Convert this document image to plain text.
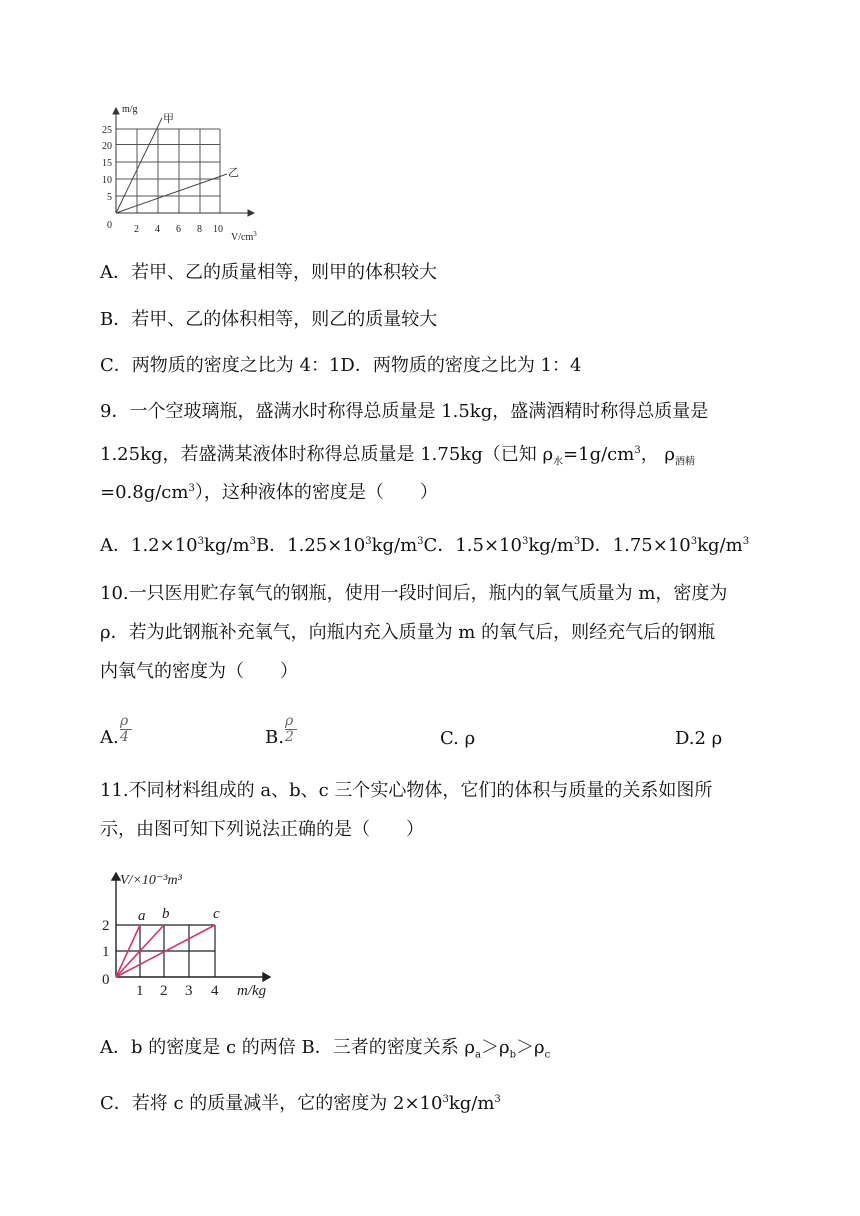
m/g
25
20
15
10
5
0 2 4 6 8 10
$V/cm^3$
甲
乙
A．若甲、乙的质量相等，则甲的体积较大
B．若甲、乙的体积相等，则乙的质量较大
C．两物质的密度之比为 4：1D．两物质的密度之比为 1：4
9．一个空玻璃瓶，盛满水时称得总质量是 1.5kg，盛满酒精时称得总质量是
1.25kg，若盛满某液体时称得总质量是 1.75kg（已知 $\rho_水=1g/cm^3$， $\rho_{酒精}$
$=0.8g/cm^3$），这种液体的密度是（　　）
A．$1.2\times 10^3kg/m^3B$．$1.25\times 10^3kg/m^3C$．$1.5\times 10^3kg/m^3D$．$1.75\times 10^3kg/m^3$
10.一只医用贮存氧气的钢瓶，使用一段时间后，瓶内的氧气质量为 m，密度为
ρ．若为此钢瓶补充氧气，向瓶内充入质量为 m 的氧气后，则经充气后的钢瓶
内氧气的密度为（　　）
A.
ρ
4	B.
ρ
2	C. ρ	D.2 ρ
11.不同材料组成的 a、b、c 三个实心物体，它们的体积与质量的关系如图所
示，由图可知下列说法正确的是（　　）
V/×10⁻³m³
2
1
0
1 2 3 4 m/kg
a b	c
A．b 的密度是 c 的两倍 B．三者的密度关系 $\rho_a>\rho_b>\rho_c$
C．若将 c 的质量减半，它的密度为 $2\times 10^3kg/m^3$
